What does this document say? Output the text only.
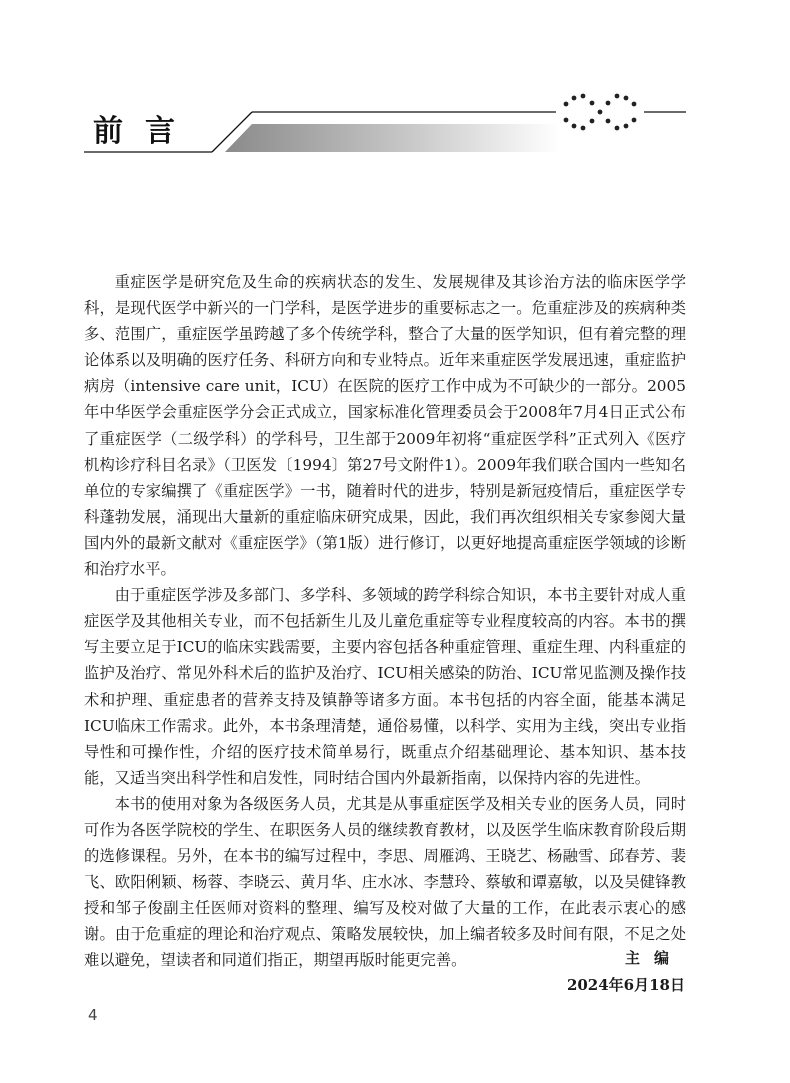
前言

重症医学是研究危及生命的疾病状态的发生、发展规律及其诊治方法的临床医学学科，是现代医学中新兴的一门学科，是医学进步的重要标志之一。危重症涉及的疾病种类多、范围广，重症医学虽跨越了多个传统学科，整合了大量的医学知识，但有着完整的理论体系以及明确的医疗任务、科研方向和专业特点。近年来重症医学发展迅速，重症监护病房（intensive care unit，ICU）在医院的医疗工作中成为不可缺少的一部分。2005年中华医学会重症医学分会正式成立，国家标准化管理委员会于2008年7月4日正式公布了重症医学（二级学科）的学科号，卫生部于2009年初将“重症医学科”正式列入《医疗机构诊疗科目名录》（卫医发〔1994〕第27号文附件1）。2009年我们联合国内一些知名单位的专家编撰了《重症医学》一书，随着时代的进步，特别是新冠疫情后，重症医学专科蓬勃发展，涌现出大量新的重症临床研究成果，因此，我们再次组织相关专家参阅大量国内外的最新文献对《重症医学》（第1版）进行修订，以更好地提高重症医学领域的诊断和治疗水平。

由于重症医学涉及多部门、多学科、多领域的跨学科综合知识，本书主要针对成人重症医学及其他相关专业，而不包括新生儿及儿童危重症等专业程度较高的内容。本书的撰写主要立足于ICU的临床实践需要，主要内容包括各种重症管理、重症生理、内科重症的监护及治疗、常见外科术后的监护及治疗、ICU相关感染的防治、ICU常见监测及操作技术和护理、重症患者的营养支持及镇静等诸多方面。本书包括的内容全面，能基本满足ICU临床工作需求。此外，本书条理清楚，通俗易懂，以科学、实用为主线，突出专业指导性和可操作性，介绍的医疗技术简单易行，既重点介绍基础理论、基本知识、基本技能，又适当突出科学性和启发性，同时结合国内外最新指南，以保持内容的先进性。

本书的使用对象为各级医务人员，尤其是从事重症医学及相关专业的医务人员，同时可作为各医学院校的学生、在职医务人员的继续教育教材，以及医学生临床教育阶段后期的选修课程。另外，在本书的编写过程中，李思、周雁鸿、王晓艺、杨融雪、邱春芳、裴飞、欧阳俐颖、杨蓉、李晓云、黄月华、庄水冰、李慧玲、蔡敏和谭嘉敏，以及吴健锋教授和邹子俊副主任医师对资料的整理、编写及校对做了大量的工作，在此表示衷心的感谢。由于危重症的理论和治疗观点、策略发展较快，加上编者较多及时间有限，不足之处难以避免，望读者和同道们指正，期望再版时能更完善。	主编
2024年6月18日
4
